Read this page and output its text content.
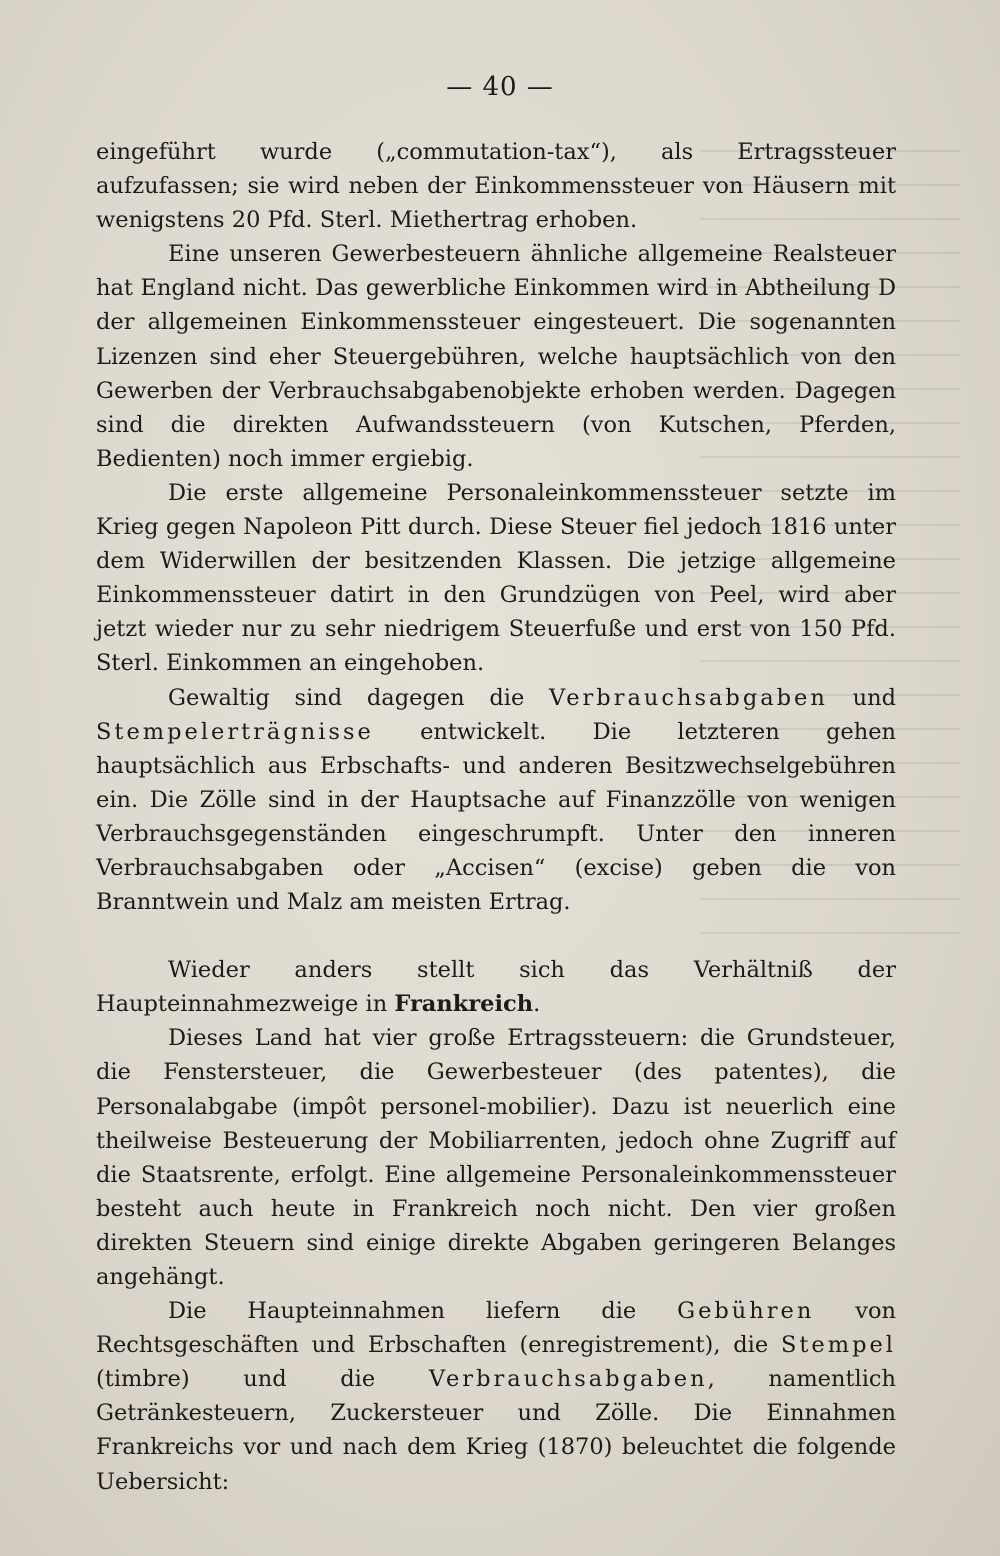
— 40 —

eingeführt wurde („commutation-tax“), als Ertragssteuer aufzufassen; sie wird neben der Einkommenssteuer von Häusern mit wenigstens 20 Pfd. Sterl. Miethertrag erhoben.

Eine unseren Gewerbesteuern ähnliche allgemeine Realsteuer hat England nicht. Das gewerbliche Einkommen wird in Abtheilung D der allgemeinen Einkommenssteuer eingesteuert. Die sogenannten Lizenzen sind eher Steuergebühren, welche hauptsächlich von den Gewerben der Verbrauchsabgabenobjekte erhoben werden. Dagegen sind die direkten Aufwandssteuern (von Kutschen, Pferden, Bedienten) noch immer ergiebig.

Die erste allgemeine Personaleinkommenssteuer setzte im Krieg gegen Napoleon Pitt durch. Diese Steuer fiel jedoch 1816 unter dem Widerwillen der besitzenden Klassen. Die jetzige allgemeine Einkommenssteuer datirt in den Grundzügen von Peel, wird aber jetzt wieder nur zu sehr niedrigem Steuerfuße und erst von 150 Pfd. Sterl. Einkommen an eingehoben.

Gewaltig sind dagegen die Verbrauchsabgaben und Stempelerträgnisse entwickelt. Die letzteren gehen hauptsächlich aus Erbschafts- und anderen Besitzwechselgebühren ein. Die Zölle sind in der Hauptsache auf Finanzzölle von wenigen Verbrauchsgegenständen eingeschrumpft. Unter den inneren Verbrauchsabgaben oder „Accisen“ (excise) geben die von Branntwein und Malz am meisten Ertrag.

Wieder anders stellt sich das Verhältniß der Haupteinnahmezweige in Frankreich.

Dieses Land hat vier große Ertragssteuern: die Grundsteuer, die Fenstersteuer, die Gewerbesteuer (des patentes), die Personalabgabe (impôt personel-mobilier). Dazu ist neuerlich eine theilweise Besteuerung der Mobiliarrenten, jedoch ohne Zugriff auf die Staatsrente, erfolgt. Eine allgemeine Personaleinkommenssteuer besteht auch heute in Frankreich noch nicht. Den vier großen direkten Steuern sind einige direkte Abgaben geringeren Belanges angehängt.

Die Haupteinnahmen liefern die Gebühren von Rechtsgeschäften und Erbschaften (enregistrement), die Stempel (timbre) und die Verbrauchsabgaben, namentlich Getränkesteuern, Zuckersteuer und Zölle. Die Einnahmen Frankreichs vor und nach dem Krieg (1870) beleuchtet die folgende Uebersicht:
